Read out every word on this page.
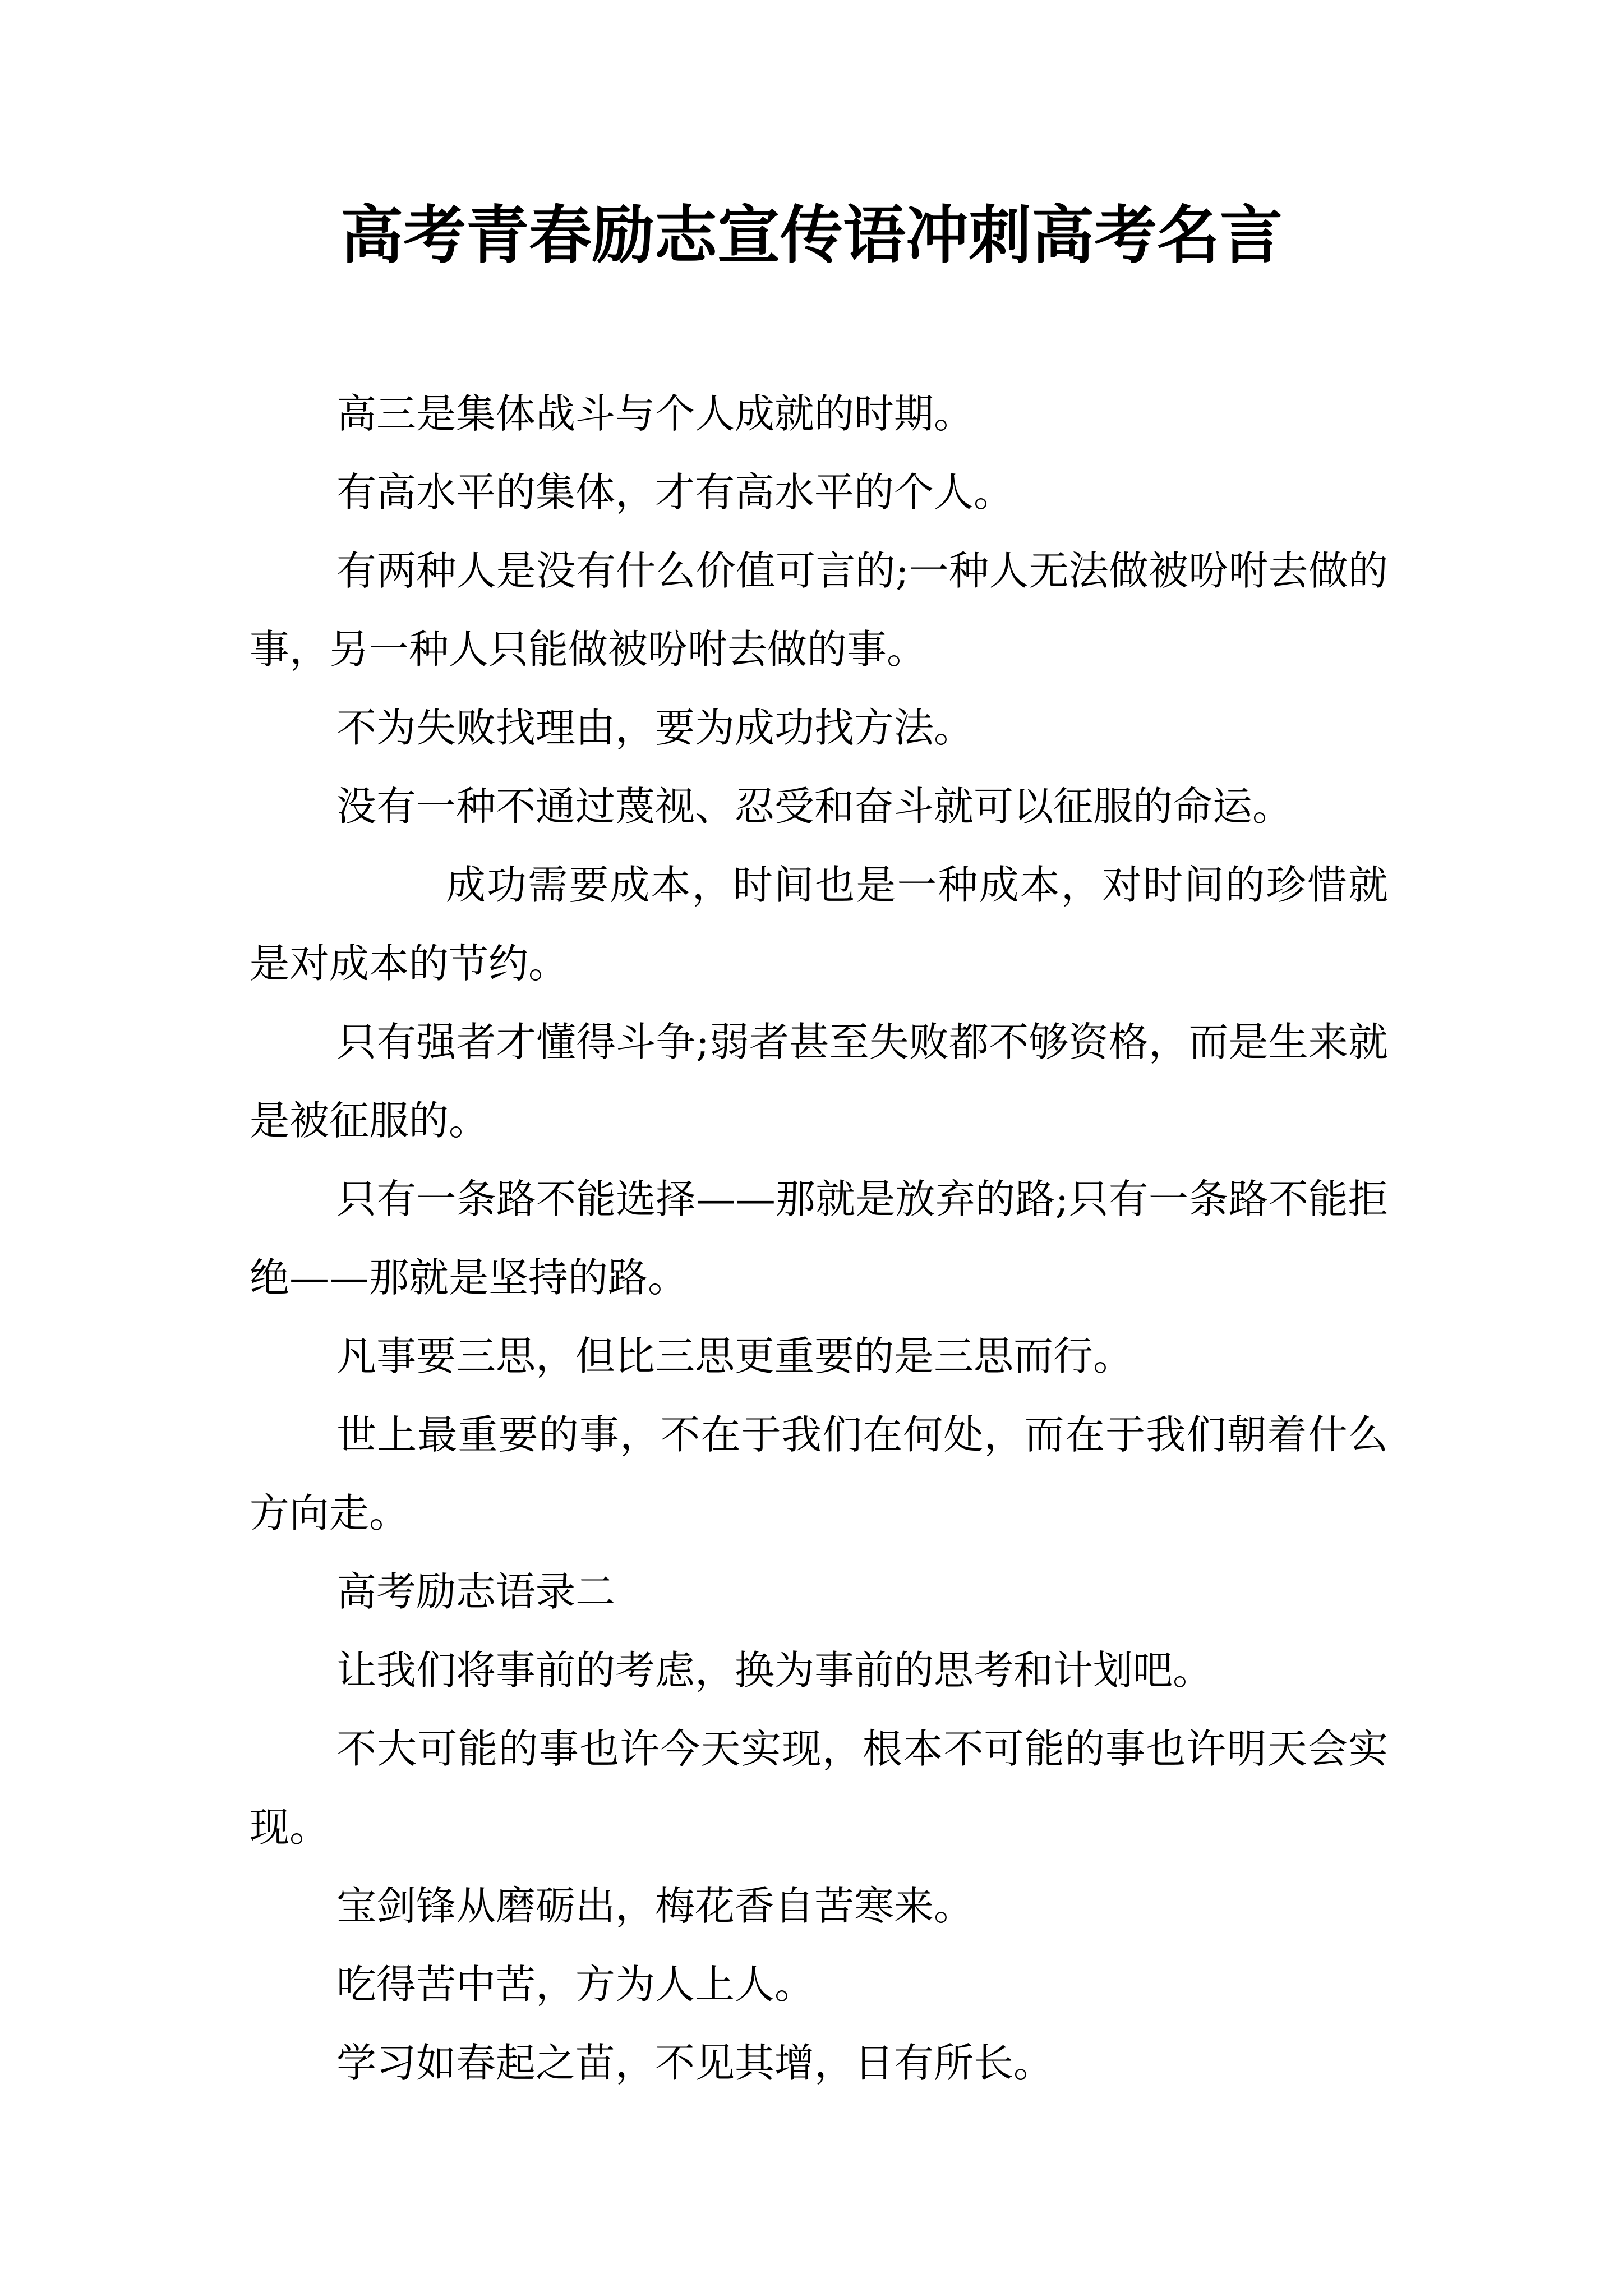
高考青春励志宣传语冲刺高考名言

高三是集体战斗与个人成就的时期。

有高水平的集体，才有高水平的个人。

有两种人是没有什么价值可言的;一种人无法做被吩咐去做的事，另一种人只能做被吩咐去做的事。

不为失败找理由，要为成功找方法。

没有一种不通过蔑视、忍受和奋斗就可以征服的命运。

成功需要成本，时间也是一种成本，对时间的珍惜就是对成本的节约。

只有强者才懂得斗争;弱者甚至失败都不够资格，而是生来就是被征服的。

只有一条路不能选择——那就是放弃的路;只有一条路不能拒绝——那就是坚持的路。

凡事要三思，但比三思更重要的是三思而行。

世上最重要的事，不在于我们在何处，而在于我们朝着什么方向走。

高考励志语录二

让我们将事前的考虑，换为事前的思考和计划吧。

不大可能的事也许今天实现，根本不可能的事也许明天会实现。

宝剑锋从磨砺出，梅花香自苦寒来。

吃得苦中苦，方为人上人。

学习如春起之苗，不见其增，日有所长。
